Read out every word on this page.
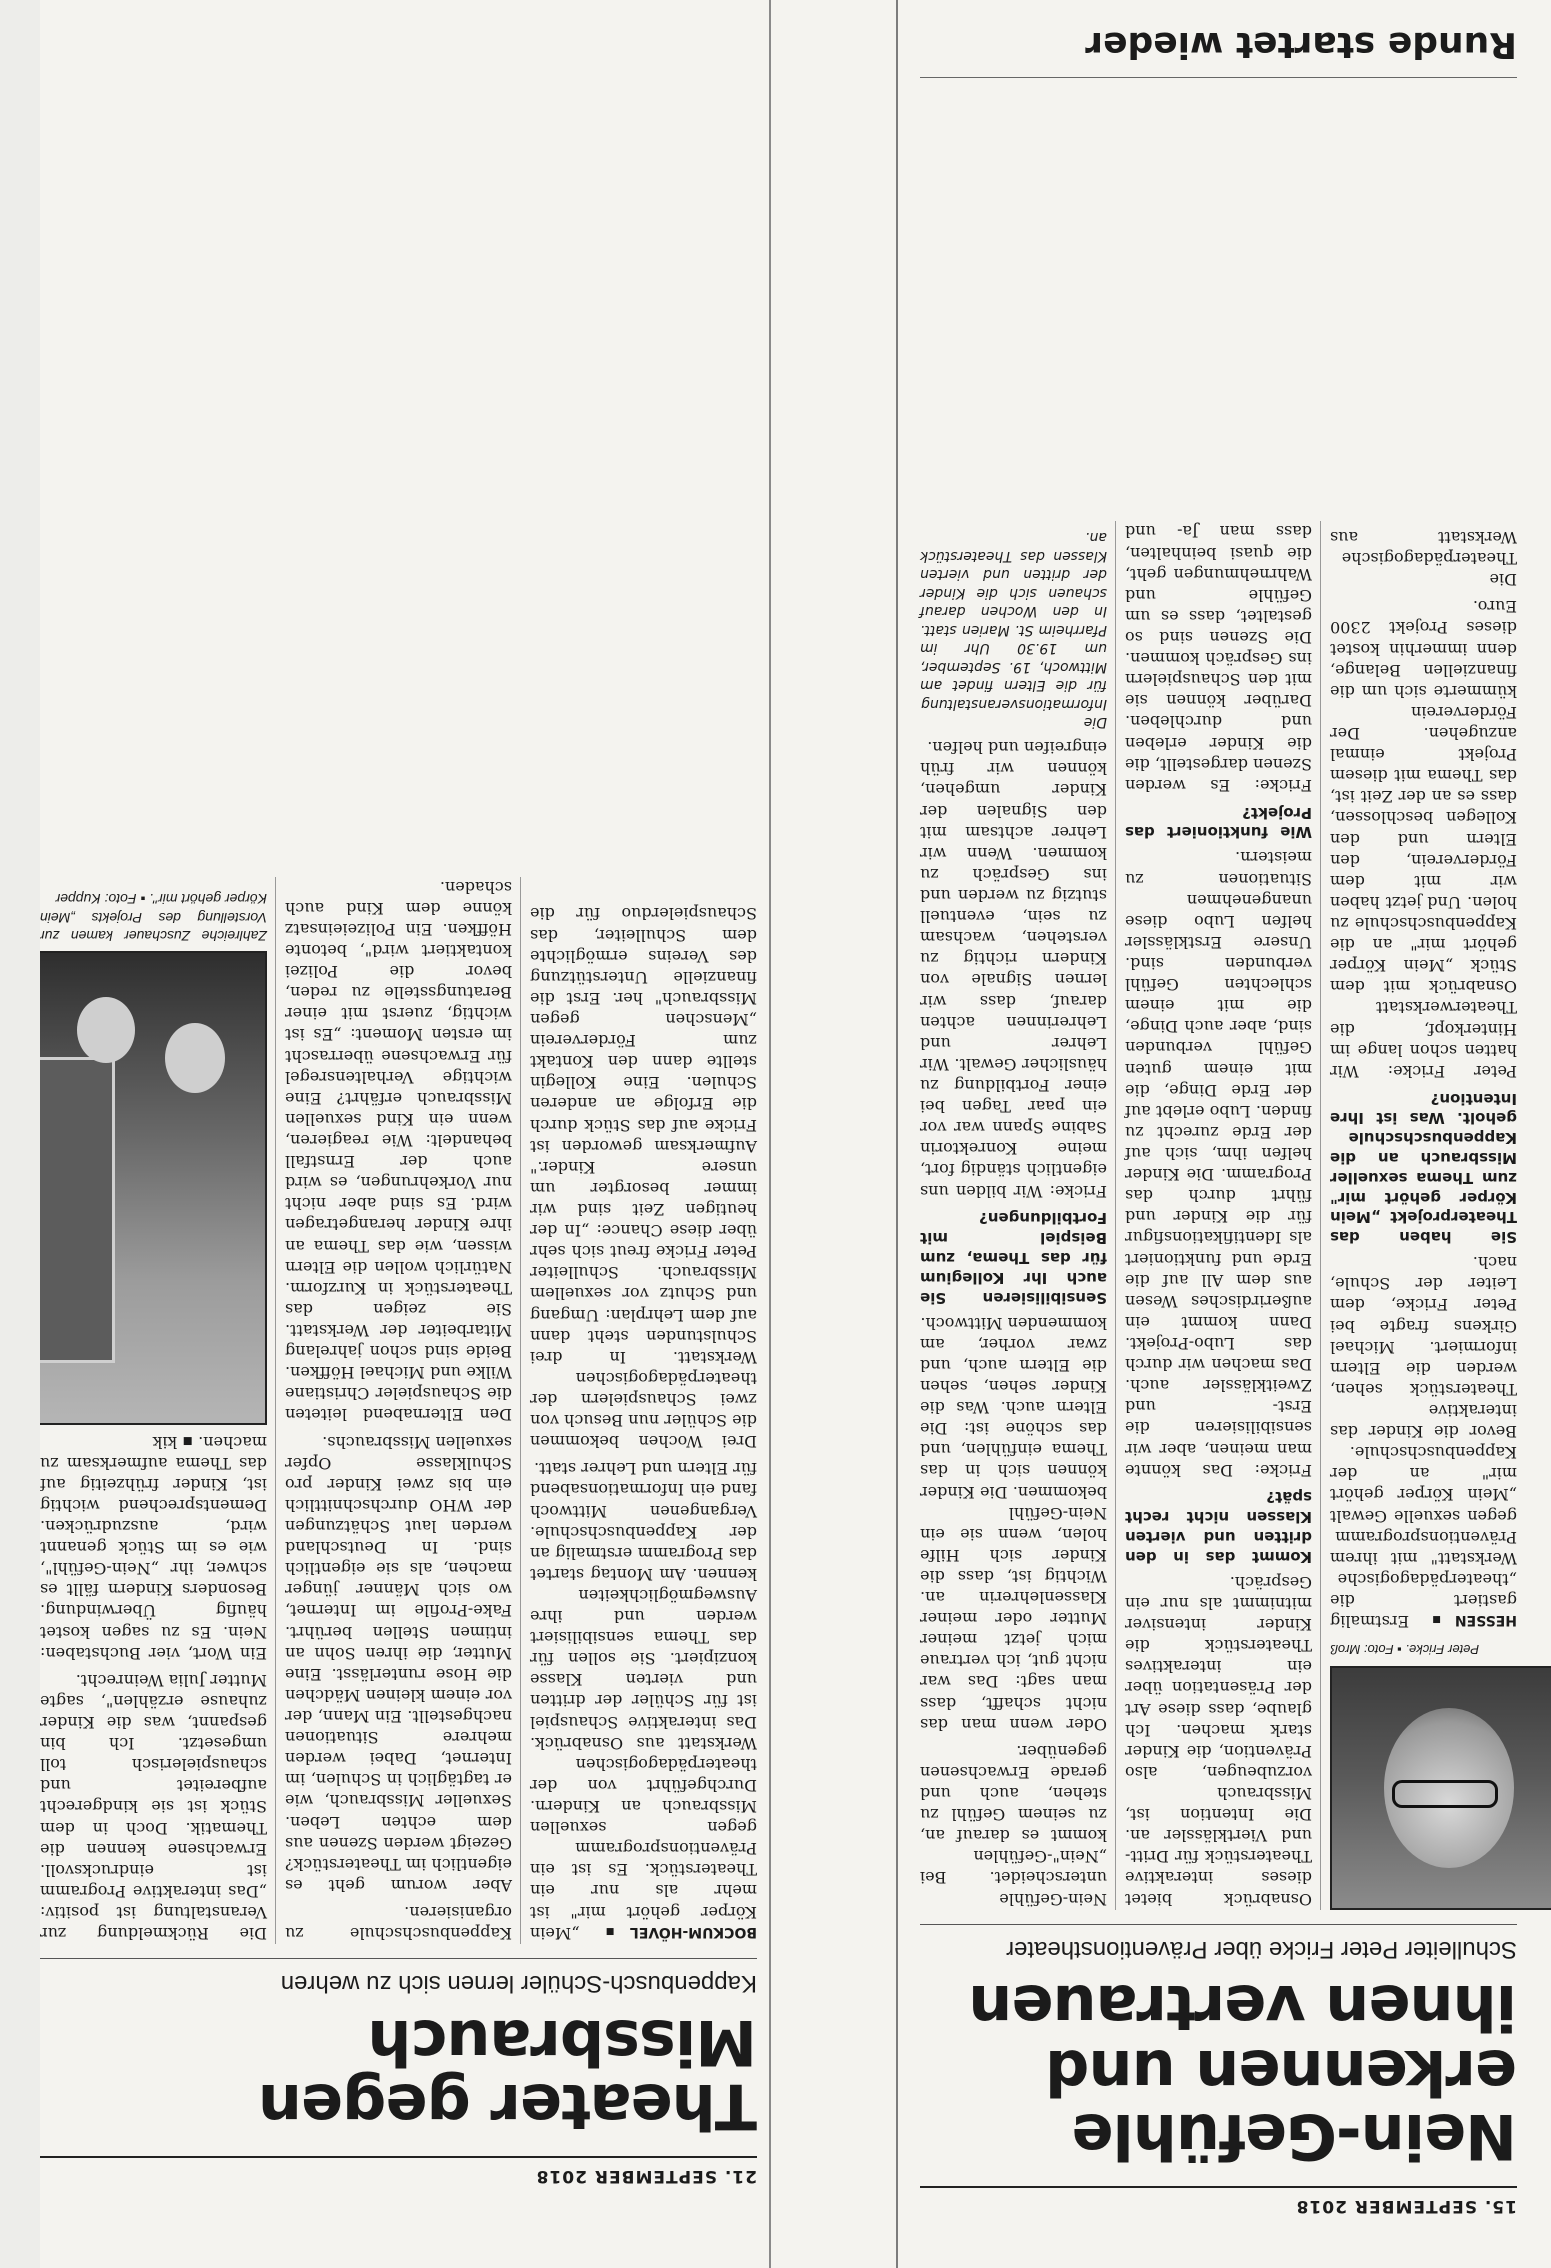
15. SEPTEMBER 2018
Nein-Gefühle erkennen und ihnen vertrauen
Schulleiter Peter Fricke über Präventionstheater
Peter Fricke. ▪ Foto: Mroß

HESSEN ▪ Erstmalig gastiert die „theaterpädagogische Werkstatt" mit ihrem Präventionsprogramm gegen sexuelle Gewalt „Mein Körper gehört mir" an der Kappenbuschschule. Bevor die Kinder das interaktive Theaterstück sehen, werden die Eltern informiert. Michael Girkens fragte bei Peter Fricke, dem Leiter der Schule, nach.

Sie haben das Theaterprojekt „Mein Körper gehört mir" zum Thema sexueller Missbrauch an die Kappenbuschschule geholt. Was ist Ihre Intention?

Peter Fricke: Wir hatten schon lange im Hinterkopf, die Theaterwerkstatt Osnabrück mit dem Stück „Mein Körper gehört mir" an die Kappenbuschschule zu holen. Und jetzt haben wir mit dem Förderverein, den Eltern und den Kollegen beschlossen, dass es an der Zeit ist, das Thema mit diesem Projekt einmal anzugehen. Der Förderverein kümmerte sich um die finanziellen Belange, denn immerhin kostet dieses Projekt 2300 Euro.

Die Theaterpädagogische Werkstatt aus Osnabrück bietet dieses interaktive Theaterstück für Dritt- und Viertklässler an. Die Intention ist, Missbrauch vorzubeugen, also Prävention, die Kinder stark machen. Ich glaube, dass diese Art der Präsentation über ein interaktives Theaterstück die Kinder intensiver mitnimmt als nur ein Gespräch.

Kommt das in den dritten und vierten Klassen nicht recht spät?

Fricke: Das könnte man meinen, aber wir sensibilisieren die Erst- und Zweitklässler auch. Das machen wir durch das Lubo-Projekt. Dann kommt ein außerirdisches Wesen aus dem All auf die Erde und funktioniert als Identifikationsfigur für die Kinder und führt durch das Programm. Die Kinder helfen ihm, sich auf der Erde zurecht zu finden. Lubo erlebt auf der Erde Dinge, die mit einem guten Gefühl verbunden sind, aber auch Dinge, die mit einem schlechten Gefühl verbunden sind. Unsere Erstklässler helfen Lubo diese unangenehmen Situationen zu meistern.

Wie funktioniert das Projekt?

Fricke: Es werden Szenen dargestellt, die die Kinder erleben und durchleben. Darüber können sie mit den Schauspielern ins Gespräch kommen. Die Szenen sind so gestaltet, dass es um Gefühle und Wahrnehmungen geht, die quasi beinhalten, dass man Ja- und Nein-Gefühle unterscheidet. Bei „Nein"-Gefühlen kommt es darauf an, zu seinem Gefühl zu stehen, auch und gerade Erwachsenen gegenüber.

Oder wenn man das nicht schafft, dass man sagt: Das war nicht gut, ich vertraue mich jetzt meiner Mutter oder meiner Klassenlehrerin an. Wichtig ist, dass die Kinder sich Hilfe holen, wenn sie ein Nein-Gefühl bekommen. Die Kinder können sich in das Thema einfühlen, und das schöne ist: Die Eltern auch. Was die Kinder sehen, sehen die Eltern auch, und zwar vorher, am kommenden Mittwoch.

Sensibilisieren Sie auch Ihr Kollegium für das Thema, zum Beispiel mit Fortbildungen?

Fricke: Wir bilden uns eigentlich ständig fort, meine Konrektorin Sabine Spann war vor ein paar Tagen bei einer Fortbildung zu häuslicher Gewalt. Wir Lehrer und Lehrerinnen achten darauf, dass wir lernen Signale von Kindern richtig zu verstehen, wachsam zu sein, eventuell stutzig zu werden und ins Gespräch zu kommen. Wenn wir Lehrer achtsam mit den Signalen der Kinder umgehen, können wir früh eingreifen und helfen.

Die Informationsveranstaltung für die Eltern findet am Mittwoch, 19. September, um 19.30 Uhr im Pfarrheim St. Marien statt. In den Wochen darauf schauen sich die Kinder der dritten und vierten Klassen das Theaterstück an.

Runde startet wieder
21. SEPTEMBER 2018
Theater gegen Missbrauch
Kappenbusch-Schüler lernen sich zu wehren

BOCKUM-HÖVEL ▪ „Mein Körper gehört mir" ist mehr als nur ein Theaterstück. Es ist ein Präventionsprogramm gegen sexuellen Missbrauch an Kindern. Durchgeführt von der theaterpädagogischen Werkstatt aus Osnabrück. Das interaktive Schauspiel ist für Schüler der dritten und vierten Klasse konzipiert. Sie sollen für das Thema sensibilisiert werden und ihre Auswegmöglichkeiten kennen. Am Montag startet das Programm erstmalig an der Kappenbuschschule. Vergangenen Mittwoch fand ein Informationsabend für Eltern und Lehrer statt.

Drei Wochen bekommen die Schüler nun Besuch von zwei Schauspielern der theaterpädagogischen Werkstatt. In drei Schulstunden steht dann auf dem Lehrplan: Umgang und Schutz vor sexuellem Missbrauch. Schulleiter Peter Fricke freut sich sehr über diese Chance: „In der heutigen Zeit sind wir immer besorgter um unsere Kinder." Aufmerksam geworden ist Fricke auf das Stück durch die Erfolge an anderen Schulen. Eine Kollegin stellte dann den Kontakt zum Förderverein „Menschen gegen Missbrauch" her. Erst die finanzielle Unterstützung des Vereins ermöglichte dem Schulleiter, das Schauspielerduo für die Kappenbuschschule zu organisieren.

Aber worum geht es eigentlich im Theaterstück? Gezeigt werden Szenen aus dem echten Leben. Sexueller Missbrauch, wie er tagtäglich in Schulen, im Internet, Dabei werden mehrere Situationen nachgestellt. Ein Mann, der vor einem kleinen Mädchen die Hose runterlässt. Eine Mutter, die ihren Sohn an intimen Stellen berührt. Fake-Profile im Internet, wo sich Männer jünger machen, als sie eigentlich sind. In Deutschland werden laut Schätzungen der WHO durchschnittlich ein bis zwei Kinder pro Schulklasse Opfer sexuellen Missbrauchs.

Den Elternabend leiteten die Schauspieler Christiane Wilke und Michael Höffken. Beide sind schon jahrelang Mitarbeiter der Werkstatt. Sie zeigen das Theaterstück in Kurzform. Natürlich wollen die Eltern wissen, wie das Thema an ihre Kinder herangetragen wird. Es sind aber nicht nur Vorkehrungen, es wird auch der Ernstfall behandelt: Wie reagieren, wenn ein Kind sexuellen Missbrauch erfährt? Eine wichtige Verhaltensregel für Erwachsene überrascht im ersten Moment: „Es ist wichtig, zuerst mit einer Beratungsstelle zu reden, bevor die Polizei kontaktiert wird", betonte Höffken. Ein Polizeieinsatz könne dem Kind auch schaden.

Die Rückmeldung zur Veranstaltung ist positiv: „Das interaktive Programm ist eindrucksvoll. Erwachsene kennen die Thematik. Doch in dem Stück ist sie kindgerecht aufbereitet und schauspielerisch toll umgesetzt. Ich bin gespannt, was die Kinder zuhause erzählen", sagte Mutter Julia Weinrecht.

Ein Wort, vier Buchstaben: Nein. Es zu sagen kostet häufig Überwindung. Besonders Kindern fällt es schwer, ihr „Nein-Gefühl", wie es im Stück genannt wird, auszudrücken. Dementsprechend wichtig ist, Kinder frühzeitig auf das Thema aufmerksam zu machen. ▪ kik

Zahlreiche Zuschauer kamen zur Vorstellung des Projekts „Mein Körper gehört mir". ▪ Foto: Kupper
